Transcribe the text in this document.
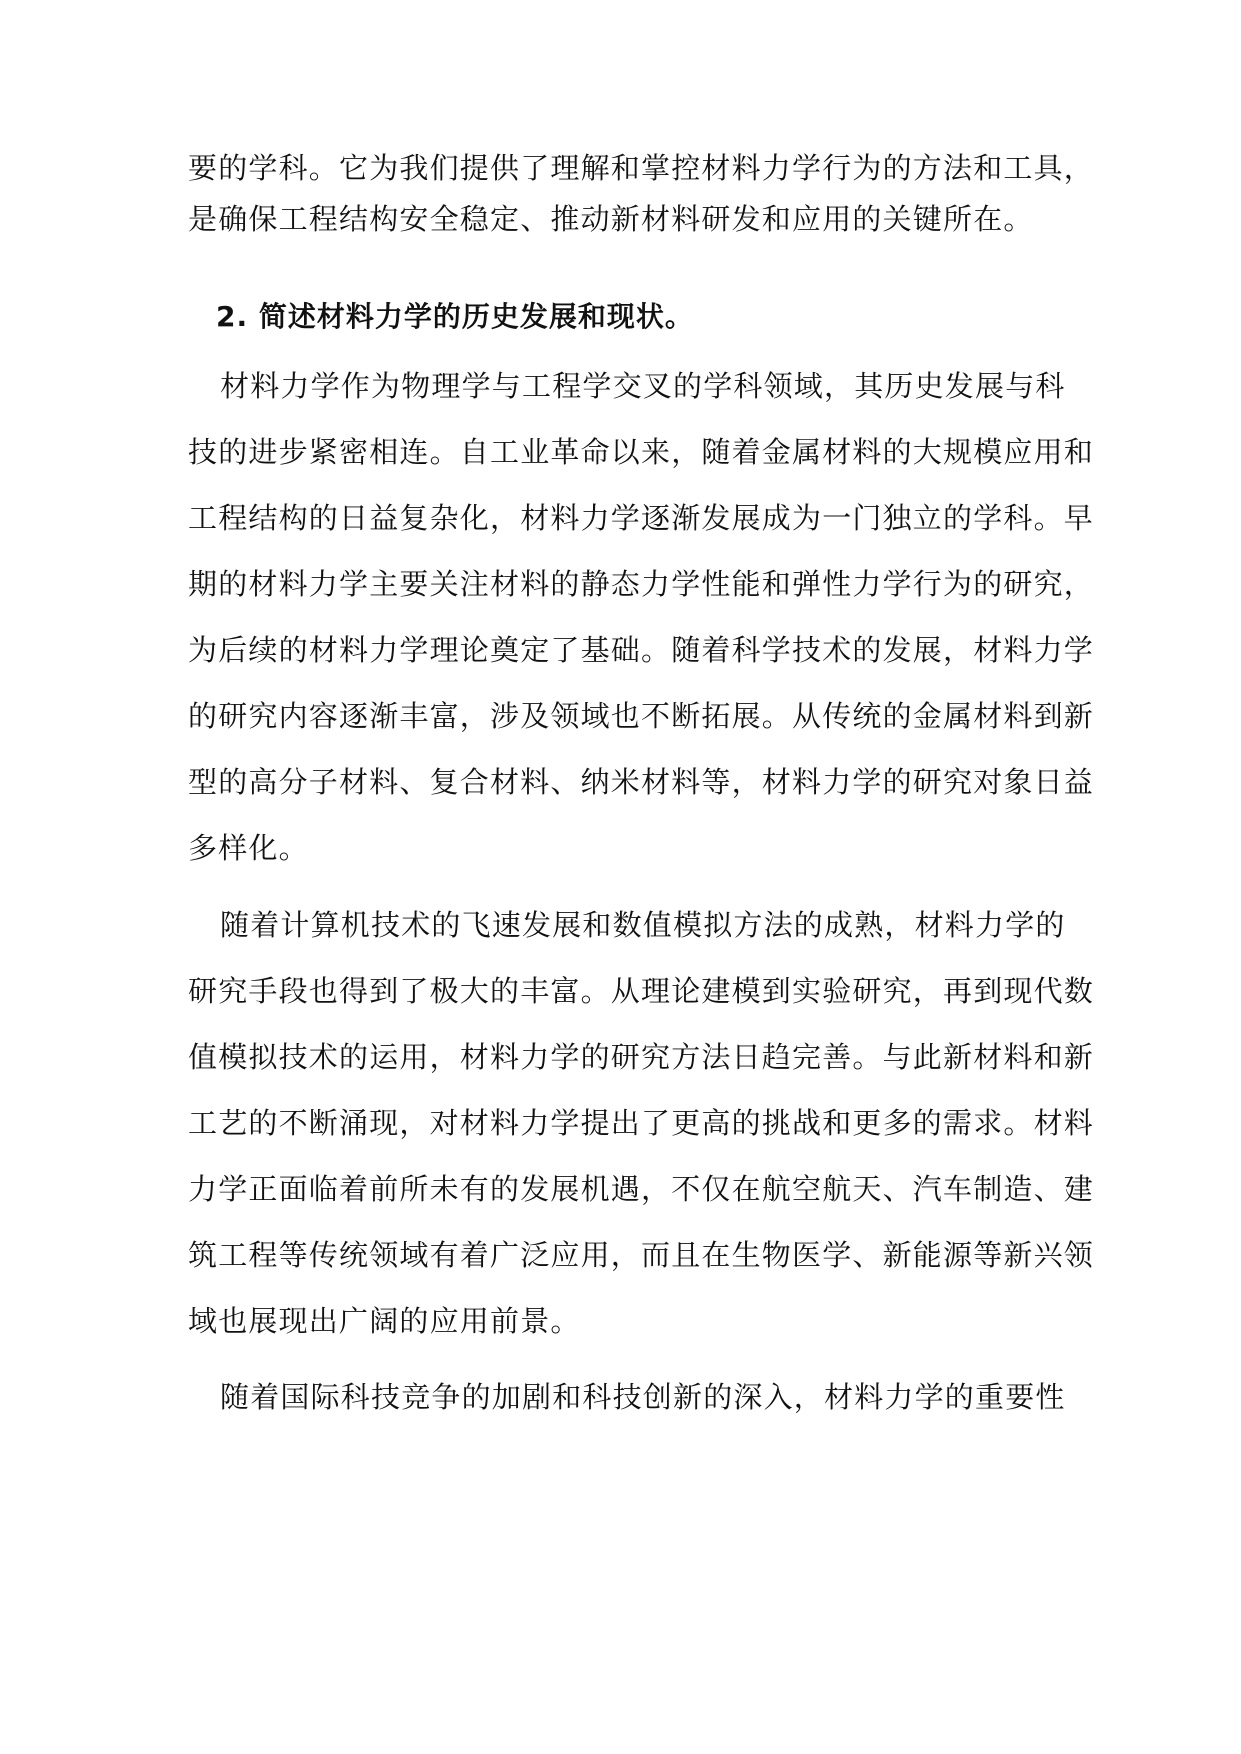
要的学科。它为我们提供了理解和掌控材料力学行为的方法和工具，
是确保工程结构安全稳定、推动新材料研发和应用的关键所在。
2. 简述材料力学的历史发展和现状。
材料力学作为物理学与工程学交叉的学科领域，其历史发展与科
技的进步紧密相连。自工业革命以来，随着金属材料的大规模应用和
工程结构的日益复杂化，材料力学逐渐发展成为一门独立的学科。早
期的材料力学主要关注材料的静态力学性能和弹性力学行为的研究，
为后续的材料力学理论奠定了基础。随着科学技术的发展，材料力学
的研究内容逐渐丰富，涉及领域也不断拓展。从传统的金属材料到新
型的高分子材料、复合材料、纳米材料等，材料力学的研究对象日益
多样化。
随着计算机技术的飞速发展和数值模拟方法的成熟，材料力学的
研究手段也得到了极大的丰富。从理论建模到实验研究，再到现代数
值模拟技术的运用，材料力学的研究方法日趋完善。与此新材料和新
工艺的不断涌现，对材料力学提出了更高的挑战和更多的需求。材料
力学正面临着前所未有的发展机遇，不仅在航空航天、汽车制造、建
筑工程等传统领域有着广泛应用，而且在生物医学、新能源等新兴领
域也展现出广阔的应用前景。
随着国际科技竞争的加剧和科技创新的深入，材料力学的重要性
